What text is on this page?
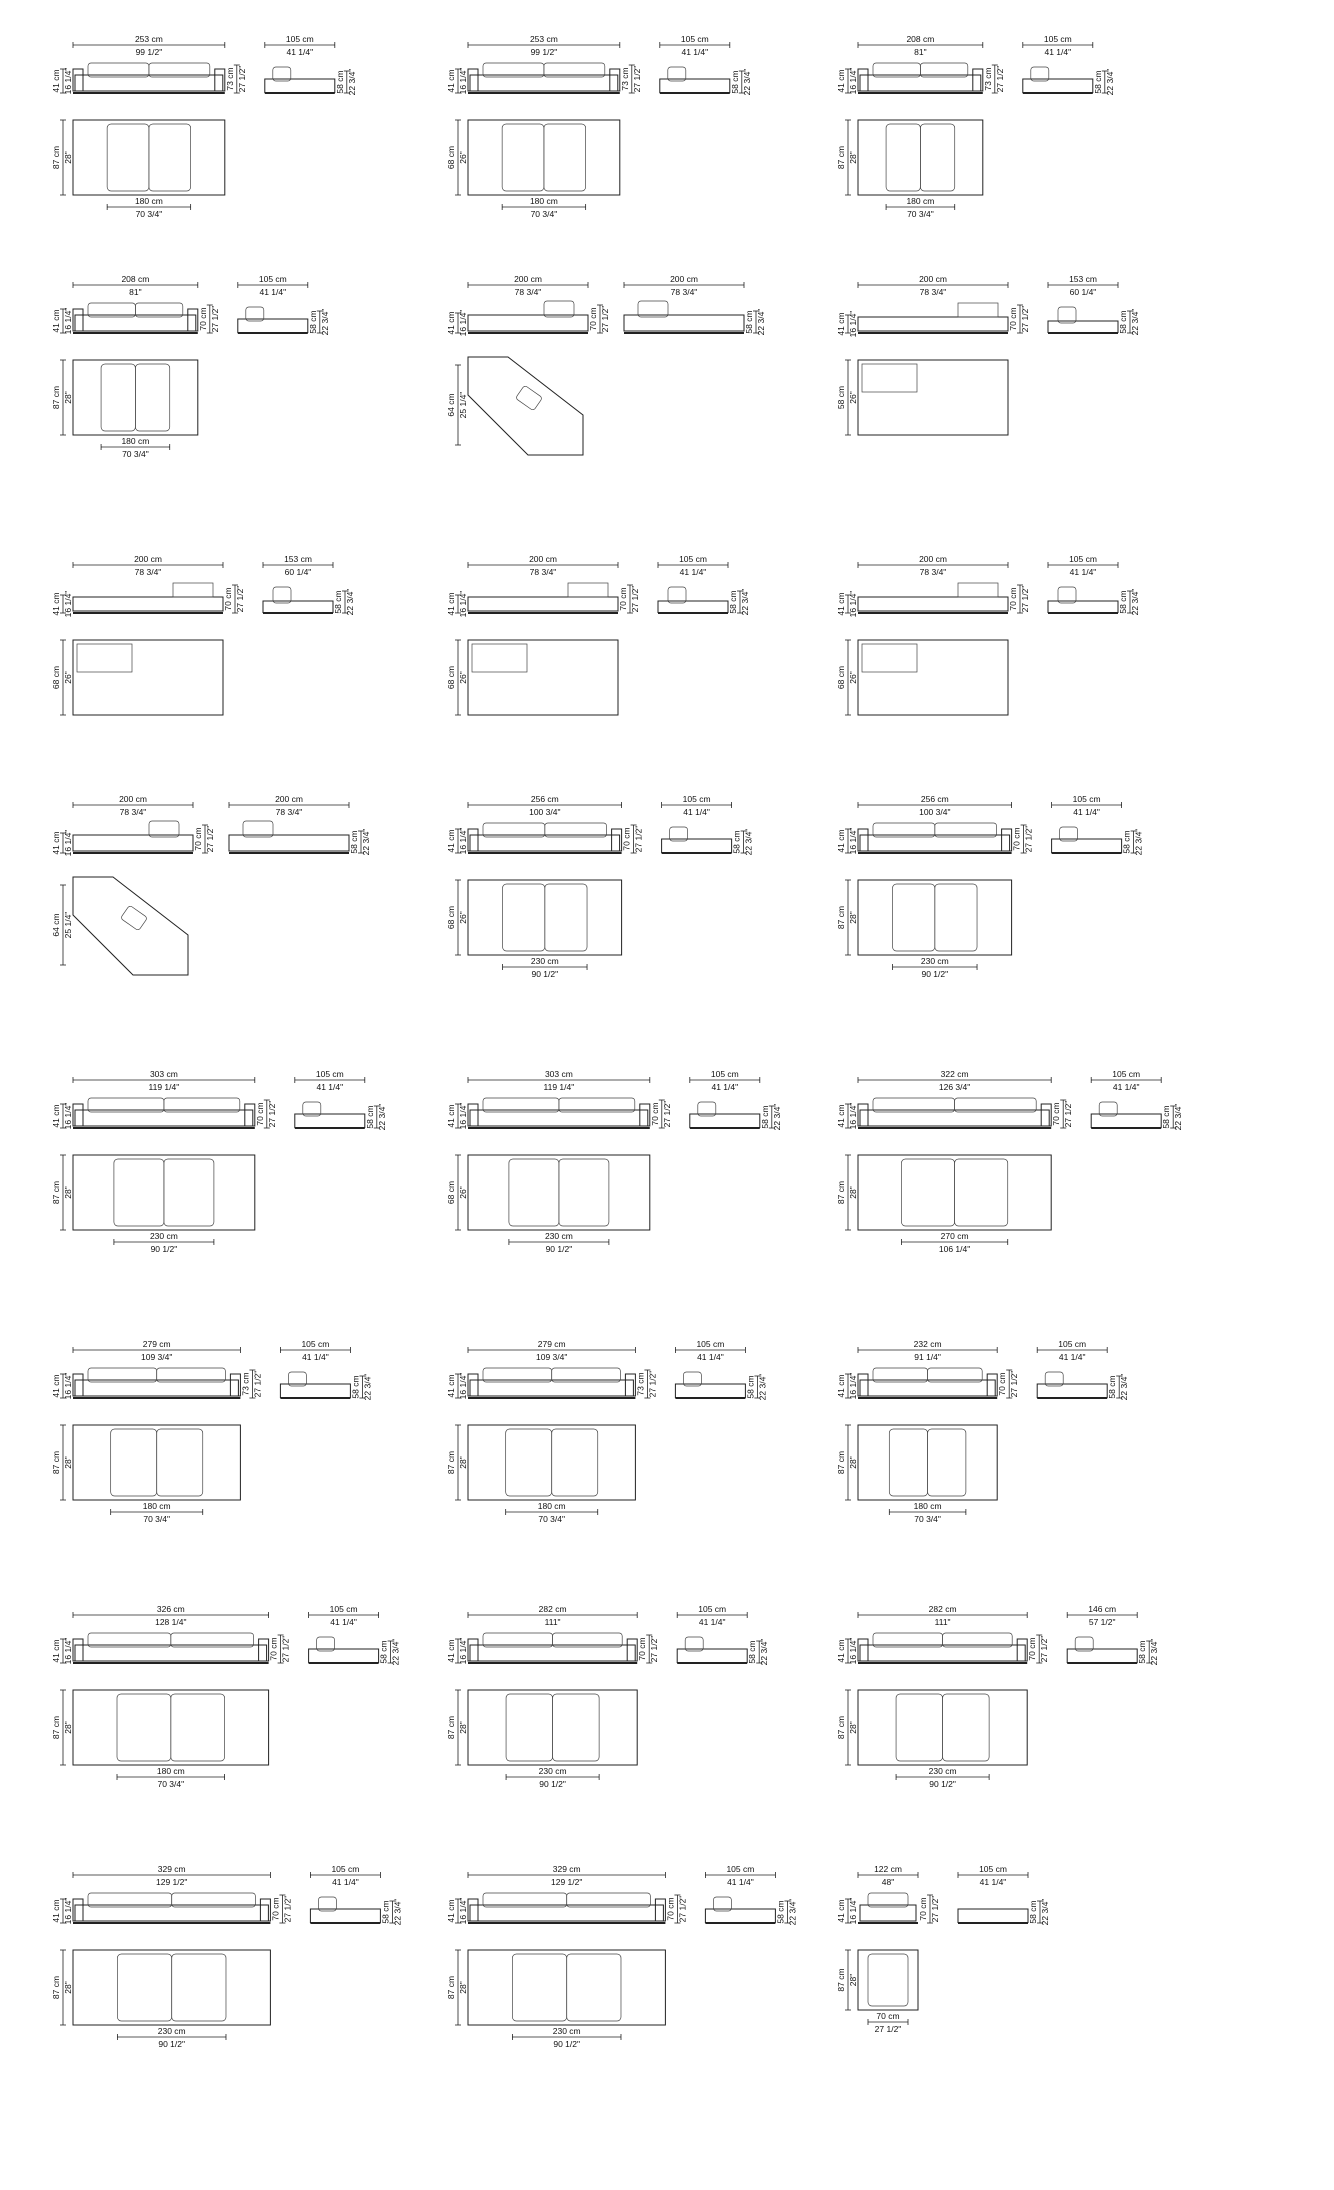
253 cm
99 1/2"
41 cm 16 1/4"	73 cm 27 1/2"
105 cm
41 1/4"
58 cm 22 3/4"
87 cm 28"
180 cm
70 3/4"
253 cm
99 1/2"
41 cm 16 1/4"	73 cm 27 1/2"
105 cm
41 1/4"
58 cm 22 3/4"
68 cm 26"
180 cm
70 3/4"
208 cm
81"
41 cm 16 1/4"	73 cm 27 1/2"
105 cm
41 1/4"
58 cm 22 3/4"
87 cm 28"
180 cm
70 3/4"
208 cm
81"
41 cm 16 1/4"	70 cm 27 1/2"
105 cm
41 1/4"
58 cm 22 3/4"
87 cm 28"
180 cm
70 3/4"
200 cm
78 3/4"
41 cm 16 1/4"	70 cm 27 1/2"
200 cm
78 3/4"
58 cm 22 3/4"
64 cm 25 1/4"
200 cm
78 3/4"
41 cm 16 1/4"	70 cm 27 1/2"
153 cm
60 1/4"
58 cm 22 3/4"
58 cm 26"
200 cm
78 3/4"
41 cm 16 1/4"	70 cm 27 1/2"
153 cm
60 1/4"
58 cm 22 3/4"
68 cm 26"
200 cm
78 3/4"
41 cm 16 1/4"	70 cm 27 1/2"
105 cm
41 1/4"
58 cm 22 3/4"
68 cm 26"
200 cm
78 3/4"
41 cm 16 1/4"	70 cm 27 1/2"
105 cm
41 1/4"
58 cm 22 3/4"
68 cm 26"
200 cm
78 3/4"
41 cm 16 1/4"	70 cm 27 1/2"
200 cm
78 3/4"
58 cm 22 3/4"
64 cm 25 1/4"
256 cm
100 3/4"
41 cm 16 1/4"	70 cm 27 1/2"
105 cm
41 1/4"
58 cm 22 3/4"
68 cm 26"
230 cm
90 1/2"
256 cm
100 3/4"
41 cm 16 1/4"	70 cm 27 1/2"
105 cm
41 1/4"
58 cm 22 3/4"
87 cm 28"
230 cm
90 1/2"
303 cm
119 1/4"
41 cm 16 1/4"	70 cm 27 1/2"
105 cm
41 1/4"
58 cm 22 3/4"
87 cm 28"
230 cm
90 1/2"
303 cm
119 1/4"
41 cm 16 1/4"	70 cm 27 1/2"
105 cm
41 1/4"
58 cm 22 3/4"
68 cm 26"
230 cm
90 1/2"
322 cm
126 3/4"
41 cm 16 1/4"	70 cm 27 1/2"
105 cm
41 1/4"
58 cm 22 3/4"
87 cm 28"
270 cm
106 1/4"
279 cm
109 3/4"
41 cm 16 1/4"	73 cm 27 1/2"
105 cm
41 1/4"
58 cm 22 3/4"
87 cm 28"
180 cm
70 3/4"
279 cm
109 3/4"
41 cm 16 1/4"	73 cm 27 1/2"
105 cm
41 1/4"
58 cm 22 3/4"
87 cm 28"
180 cm
70 3/4"
232 cm
91 1/4"
41 cm 16 1/4"	70 cm 27 1/2"
105 cm
41 1/4"
58 cm 22 3/4"
87 cm 28"
180 cm
70 3/4"
326 cm
128 1/4"
41 cm 16 1/4"	70 cm 27 1/2"
105 cm
41 1/4"
58 cm 22 3/4"
87 cm 28"
180 cm
70 3/4"
282 cm
111"
41 cm 16 1/4"	70 cm 27 1/2"
105 cm
41 1/4"
58 cm 22 3/4"
87 cm 28"
230 cm
90 1/2"
282 cm
111"
41 cm 16 1/4"	70 cm 27 1/2"
146 cm
57 1/2"
58 cm 22 3/4"
87 cm 28"
230 cm
90 1/2"
329 cm
129 1/2"
41 cm 16 1/4"	70 cm 27 1/2"
105 cm
41 1/4"
58 cm 22 3/4"
87 cm 28"
230 cm
90 1/2"
329 cm
129 1/2"
41 cm 16 1/4"	70 cm 27 1/2"
105 cm
41 1/4"
58 cm 22 3/4"
87 cm 28"
230 cm
90 1/2"
122 cm
48"
41 cm 16 1/4"	70 cm 27 1/2"
105 cm
41 1/4"
58 cm 22 3/4"
87 cm 28"
70 cm
27 1/2"
